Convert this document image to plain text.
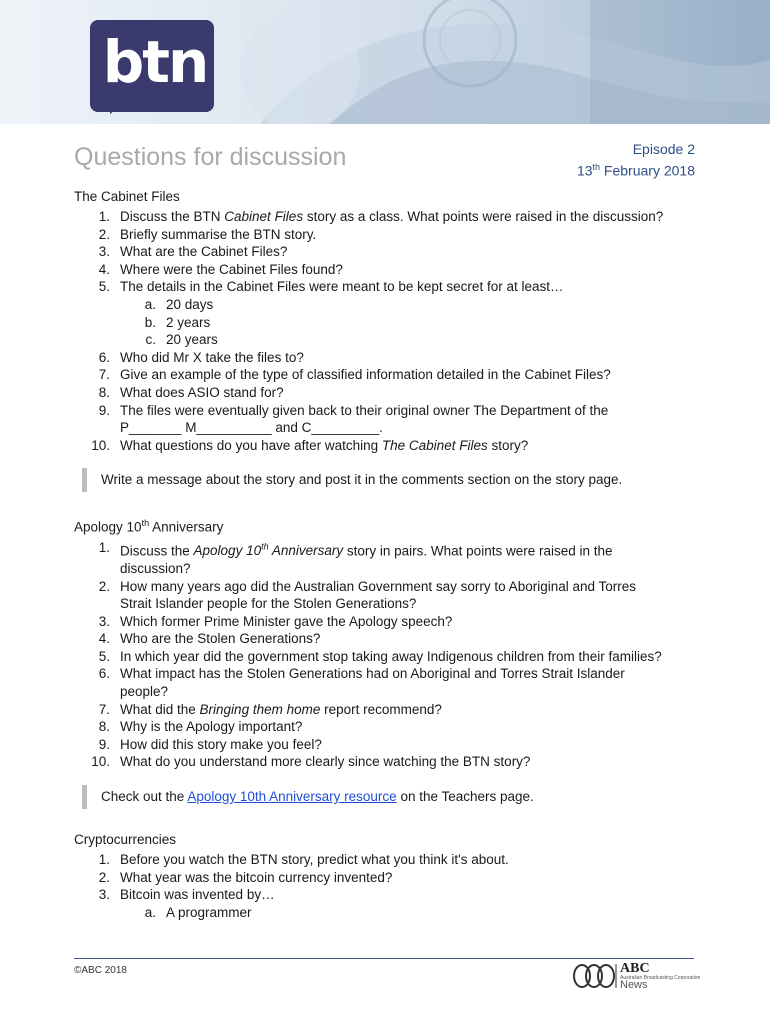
btn
Questions for discussion	Episode 2
13th February 2018

The Cabinet Files

1. Discuss the BTN Cabinet Files story as a class. What points were raised in the discussion?
2. Briefly summarise the BTN story.
3. What are the Cabinet Files?
4. Where were the Cabinet Files found?
5. The details in the Cabinet Files were meant to be kept secret for at least…
a. 20 days
b. 2 years
c. 20 years
6. Who did Mr X take the files to?
7. Give an example of the type of classified information detailed in the Cabinet Files?
8. What does ASIO stand for?
9. The files were eventually given back to their original owner The Department of the
P_______ M__________ and C_________.
10. What questions do you have after watching The Cabinet Files story?
Write a message about the story and post it in the comments section on the story page.

Apology 10th Anniversary

1. Discuss the Apology 10th Anniversary story in pairs. What points were raised in the
discussion?
2. How many years ago did the Australian Government say sorry to Aboriginal and Torres
Strait Islander people for the Stolen Generations?
3. Which former Prime Minister gave the Apology speech?
4. Who are the Stolen Generations?
5. In which year did the government stop taking away Indigenous children from their families?
6. What impact has the Stolen Generations had on Aboriginal and Torres Strait Islander
people?
7. What did the Bringing them home report recommend?
8. Why is the Apology important?
9. How did this story make you feel?
10. What do you understand more clearly since watching the BTN story?
Check out the Apology 10th Anniversary resource on the Teachers page.

Cryptocurrencies

1. Before you watch the BTN story, predict what you think it's about.
2. What year was the bitcoin currency invented?
3. Bitcoin was invented by…
a. A programmer
©ABC 2018	ABC
Australian Broadcasting Corporation
News
